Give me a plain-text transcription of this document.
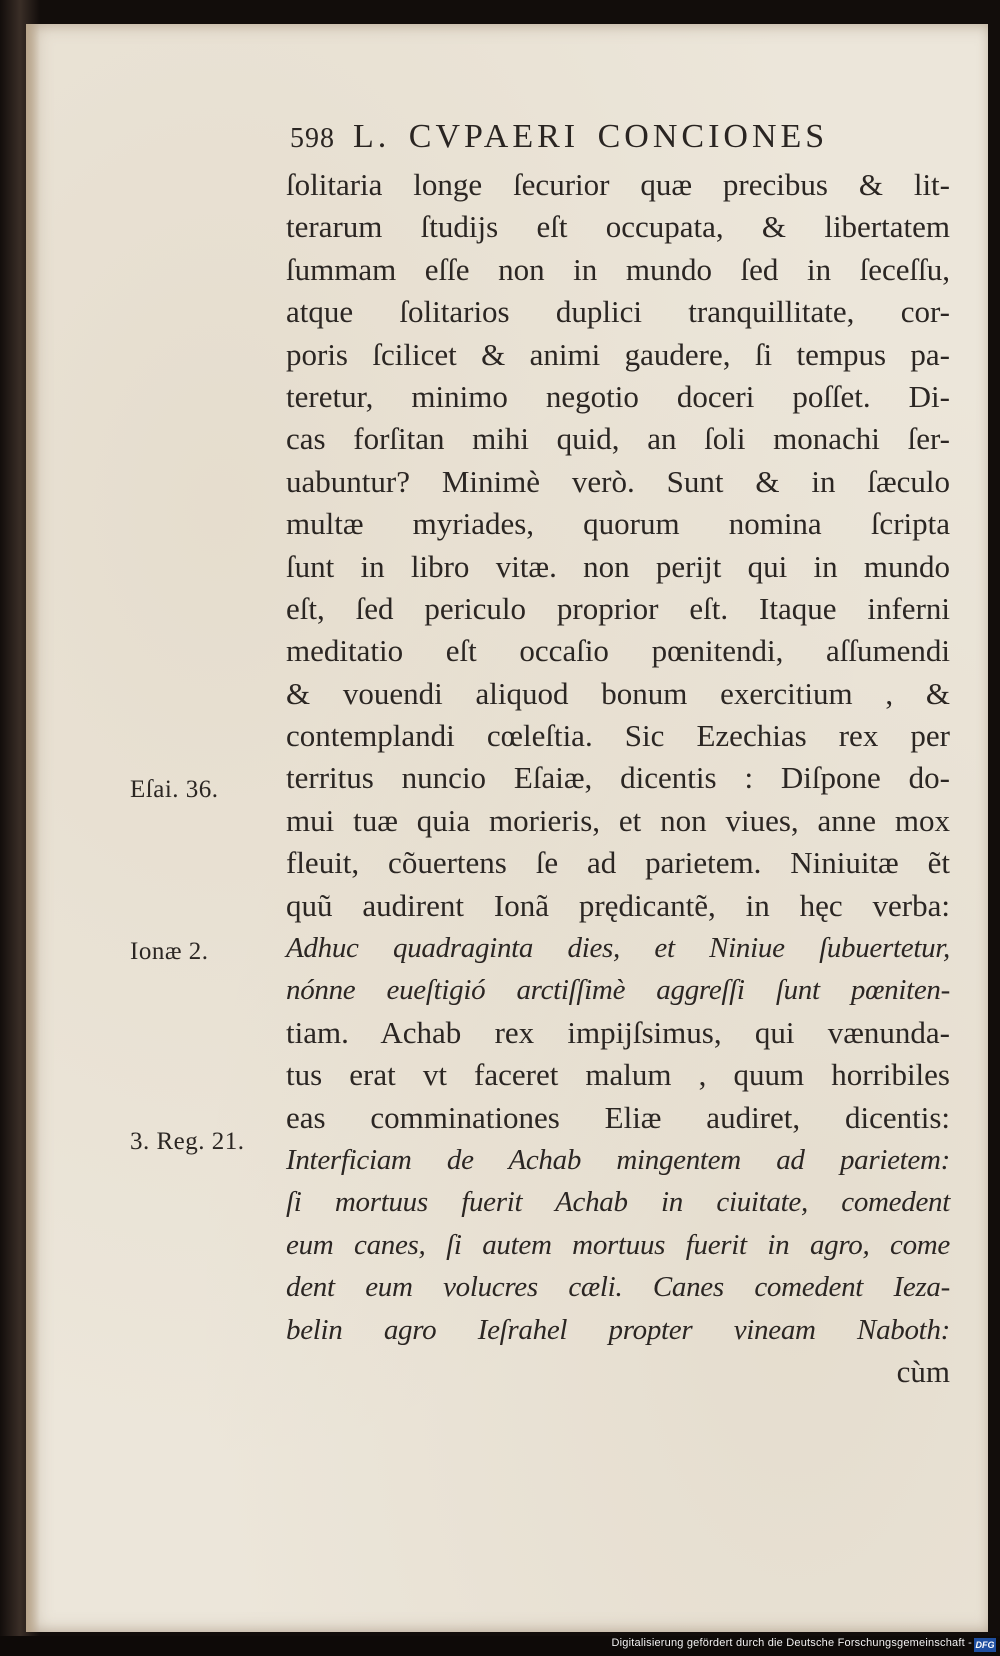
598 L. CVPAERI CONCIONES
ſolitaria longe ſecurior quæ precibus & lit-
terarum ſtudijs eſt occupata, & libertatem
ſummam eſſe non in mundo ſed in ſeceſſu,
atque ſolitarios duplici tranquillitate, cor-
poris ſcilicet & animi gaudere, ſi tempus pa-
teretur, minimo negotio doceri poſſet. Di-
cas forſitan mihi quid, an ſoli monachi ſer-
uabuntur? Minimè verò. Sunt & in ſæculo
multæ myriades, quorum nomina ſcripta
ſunt in libro vitæ. non perijt qui in mundo
eſt, ſed periculo proprior eſt. Itaque inferni
meditatio eſt occaſio pœnitendi, aſſumendi
& vouendi aliquod bonum exercitium , &
contemplandi cœleſtia. Sic Ezechias rex per
territus nuncio Eſaiæ, dicentis : Diſpone do-
mui tuæ quia morieris, et non viues, anne mox
fleuit, cõuertens ſe ad parietem. Niniuitæ ẽt
quũ audirent Ionã prędicantẽ, in hęc verba:
Adhuc quadraginta dies, et Niniue ſubuertetur,
nónne eueſtigió arctiſſimè aggreſſi ſunt pœniten-
tiam. Achab rex impijſsimus, qui vænunda-
tus erat vt faceret malum , quum horribiles
eas comminationes Eliæ audiret, dicentis:
Interficiam de Achab mingentem ad parietem:
ſi mortuus fuerit Achab in ciuitate, comedent
eum canes, ſi autem mortuus fuerit in agro, come
dent eum volucres cæli. Canes comedent Ieza-
belin agro Ieſrahel propter vineam Naboth:
cùm
Eſai. 36.
Ionæ 2.
3. Reg. 21.
Digitalisierung gefördert durch die Deutsche Forschungsgemeinschaft - DFG
